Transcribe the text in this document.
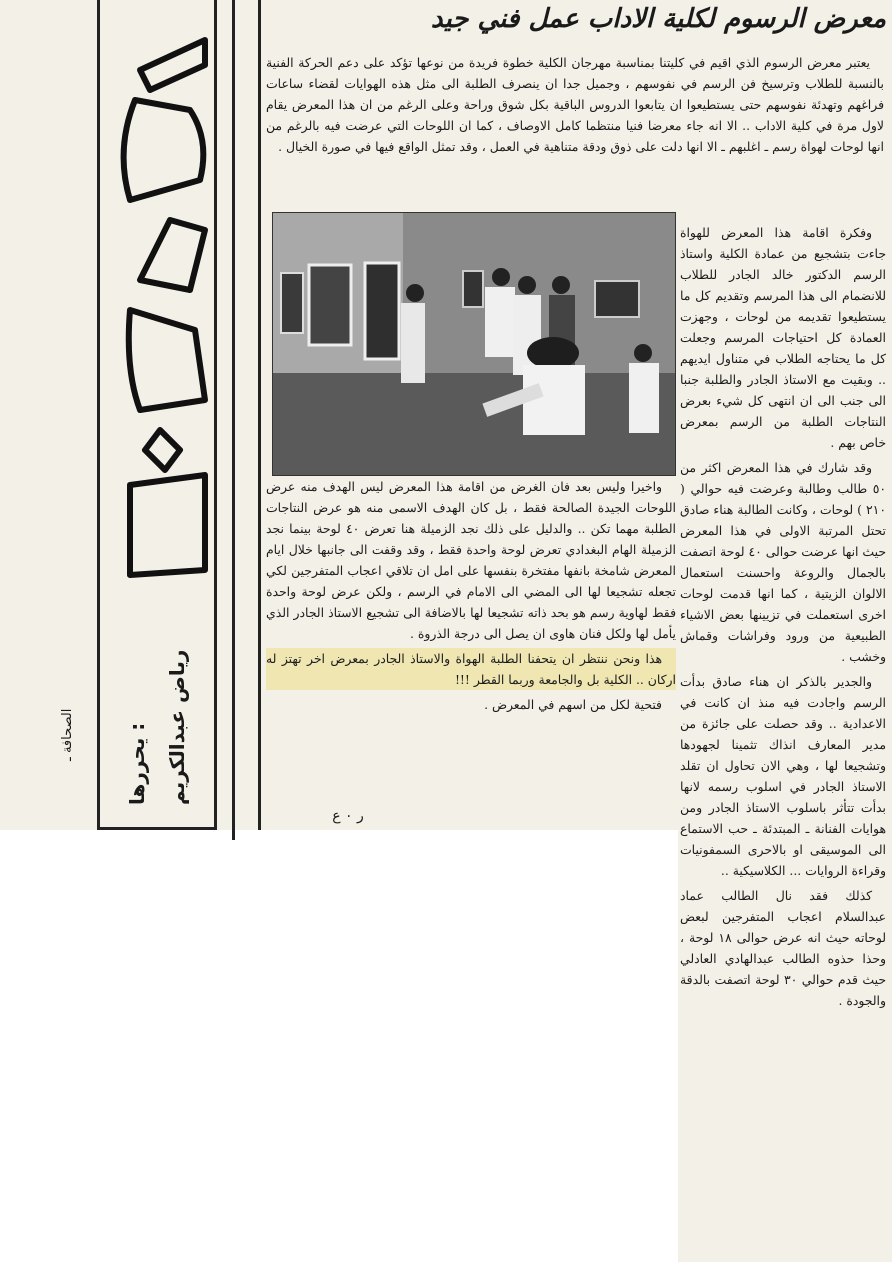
الصحافة ـ
يحررها : رياض عبدالكريم
معرض الرسوم لكلية الاداب عمل فني جيد

يعتبر معرض الرسوم الذي اقيم في كليتنا بمناسبة مهرجان الكلية خطوة فريدة من نوعها تؤكد على دعم الحركة الفنية بالنسبة للطلاب وترسيخ فن الرسم في نفوسهم ، وجميل جدا ان ينصرف الطلبة الى مثل هذه الهوايات لقضاء ساعات فراغهم وتهدئة نفوسهم حتى يستطيعوا ان يتابعوا الدروس الباقية بكل شوق وراحة وعلى الرغم من ان هذا المعرض يقام لاول مرة في كلية الاداب .. الا انه جاء معرضا فنيا منتظما كامل الاوصاف ، كما ان اللوحات التي عرضت فيه بالرغم من انها لوحات لهواة رسم ـ اغلبهم ـ الا انها دلت على ذوق ودقة متناهية في العمل ، وقد تمثل الواقع فيها في صورة الخيال .

وفكرة اقامة هذا المعرض للهواة جاءت بتشجيع من عمادة الكلية واستاذ الرسم الدكتور خالد الجادر للطلاب للانضمام الى هذا المرسم وتقديم كل ما يستطيعوا تقديمه من لوحات ، وجهزت العمادة كل احتياجات المرسم وجعلت كل ما يحتاجه الطلاب في متناول ايديهم .. وبقيت مع الاستاذ الجادر والطلبة جنبا الى جنب الى ان انتهى كل شيء بعرض النتاجات الطلبة من الرسم بمعرض خاص بهم .

وقد شارك في هذا المعرض اكثر من ٥٠ طالب وطالبة وعرضت فيه حوالي ( ٢١٠ ) لوحات ، وكانت الطالبة هناء صادق تحتل المرتبة الاولى في هذا المعرض حيث انها عرضت حوالى ٤٠ لوحة اتصفت بالجمال والروعة واحسنت استعمال الالوان الزيتية ، كما انها قدمت لوحات اخرى استعملت في تزيينها بعض الاشياء الطبيعية من ورود وفراشات وقماش وخشب .

والجدير بالذكر ان هناء صادق بدأت الرسم واجادت فيه منذ ان كانت في الاعدادية .. وقد حصلت على جائزة من مدير المعارف انذاك تثمينا لجهودها وتشجيعا لها ، وهي الان تحاول ان تقلد الاستاذ الجادر في اسلوب رسمه لانها بدأت تتأثر باسلوب الاستاذ الجادر ومن هوايات الفنانة ـ المبتدئة ـ حب الاستماع الى الموسيقى او بالاحرى السمفونيات وقراءة الروايات ... الكلاسيكية ..

كذلك فقد نال الطالب عماد عبدالسلام اعجاب المتفرجين لبعض لوحاته حيث انه عرض حوالى ١٨ لوحة ، وحذا حذوه الطالب عبدالهادي العادلي حيث قدم حوالي ٣٠ لوحة اتصفت بالدقة والجودة .

واخيرا وليس بعد فان الغرض من اقامة هذا المعرض ليس الهدف منه عرض اللوحات الجيدة الصالحة فقط ، بل كان الهدف الاسمى منه هو عرض النتاجات الطلبة مهما تكن .. والدليل على ذلك نجد الزميلة هنا تعرض ٤٠ لوحة بينما نجد الزميلة الهام البغدادي تعرض لوحة واحدة فقط ، وقد وقفت الى جانبها خلال ايام المعرض شامخة بانفها مفتخرة بنفسها على امل ان تلاقي اعجاب المتفرجين لكي تجعله تشجيعا لها الى المضي الى الامام في الرسم ، ولكن عرض لوحة واحدة فقط لهاوية رسم هو بحد ذاته تشجيعا لها بالاضافة الى تشجيع الاستاذ الجادر الذي يأمل لها ولكل فنان هاوى ان يصل الى درجة الذروة .

هذا ونحن ننتظر ان يتحفنا الطلبة الهواة والاستاذ الجادر بمعرض اخر تهتز له اركان .. الكلية بل والجامعة وربما القطر !!!

فتحية لكل من اسهم في المعرض .

ر ٠ ع
